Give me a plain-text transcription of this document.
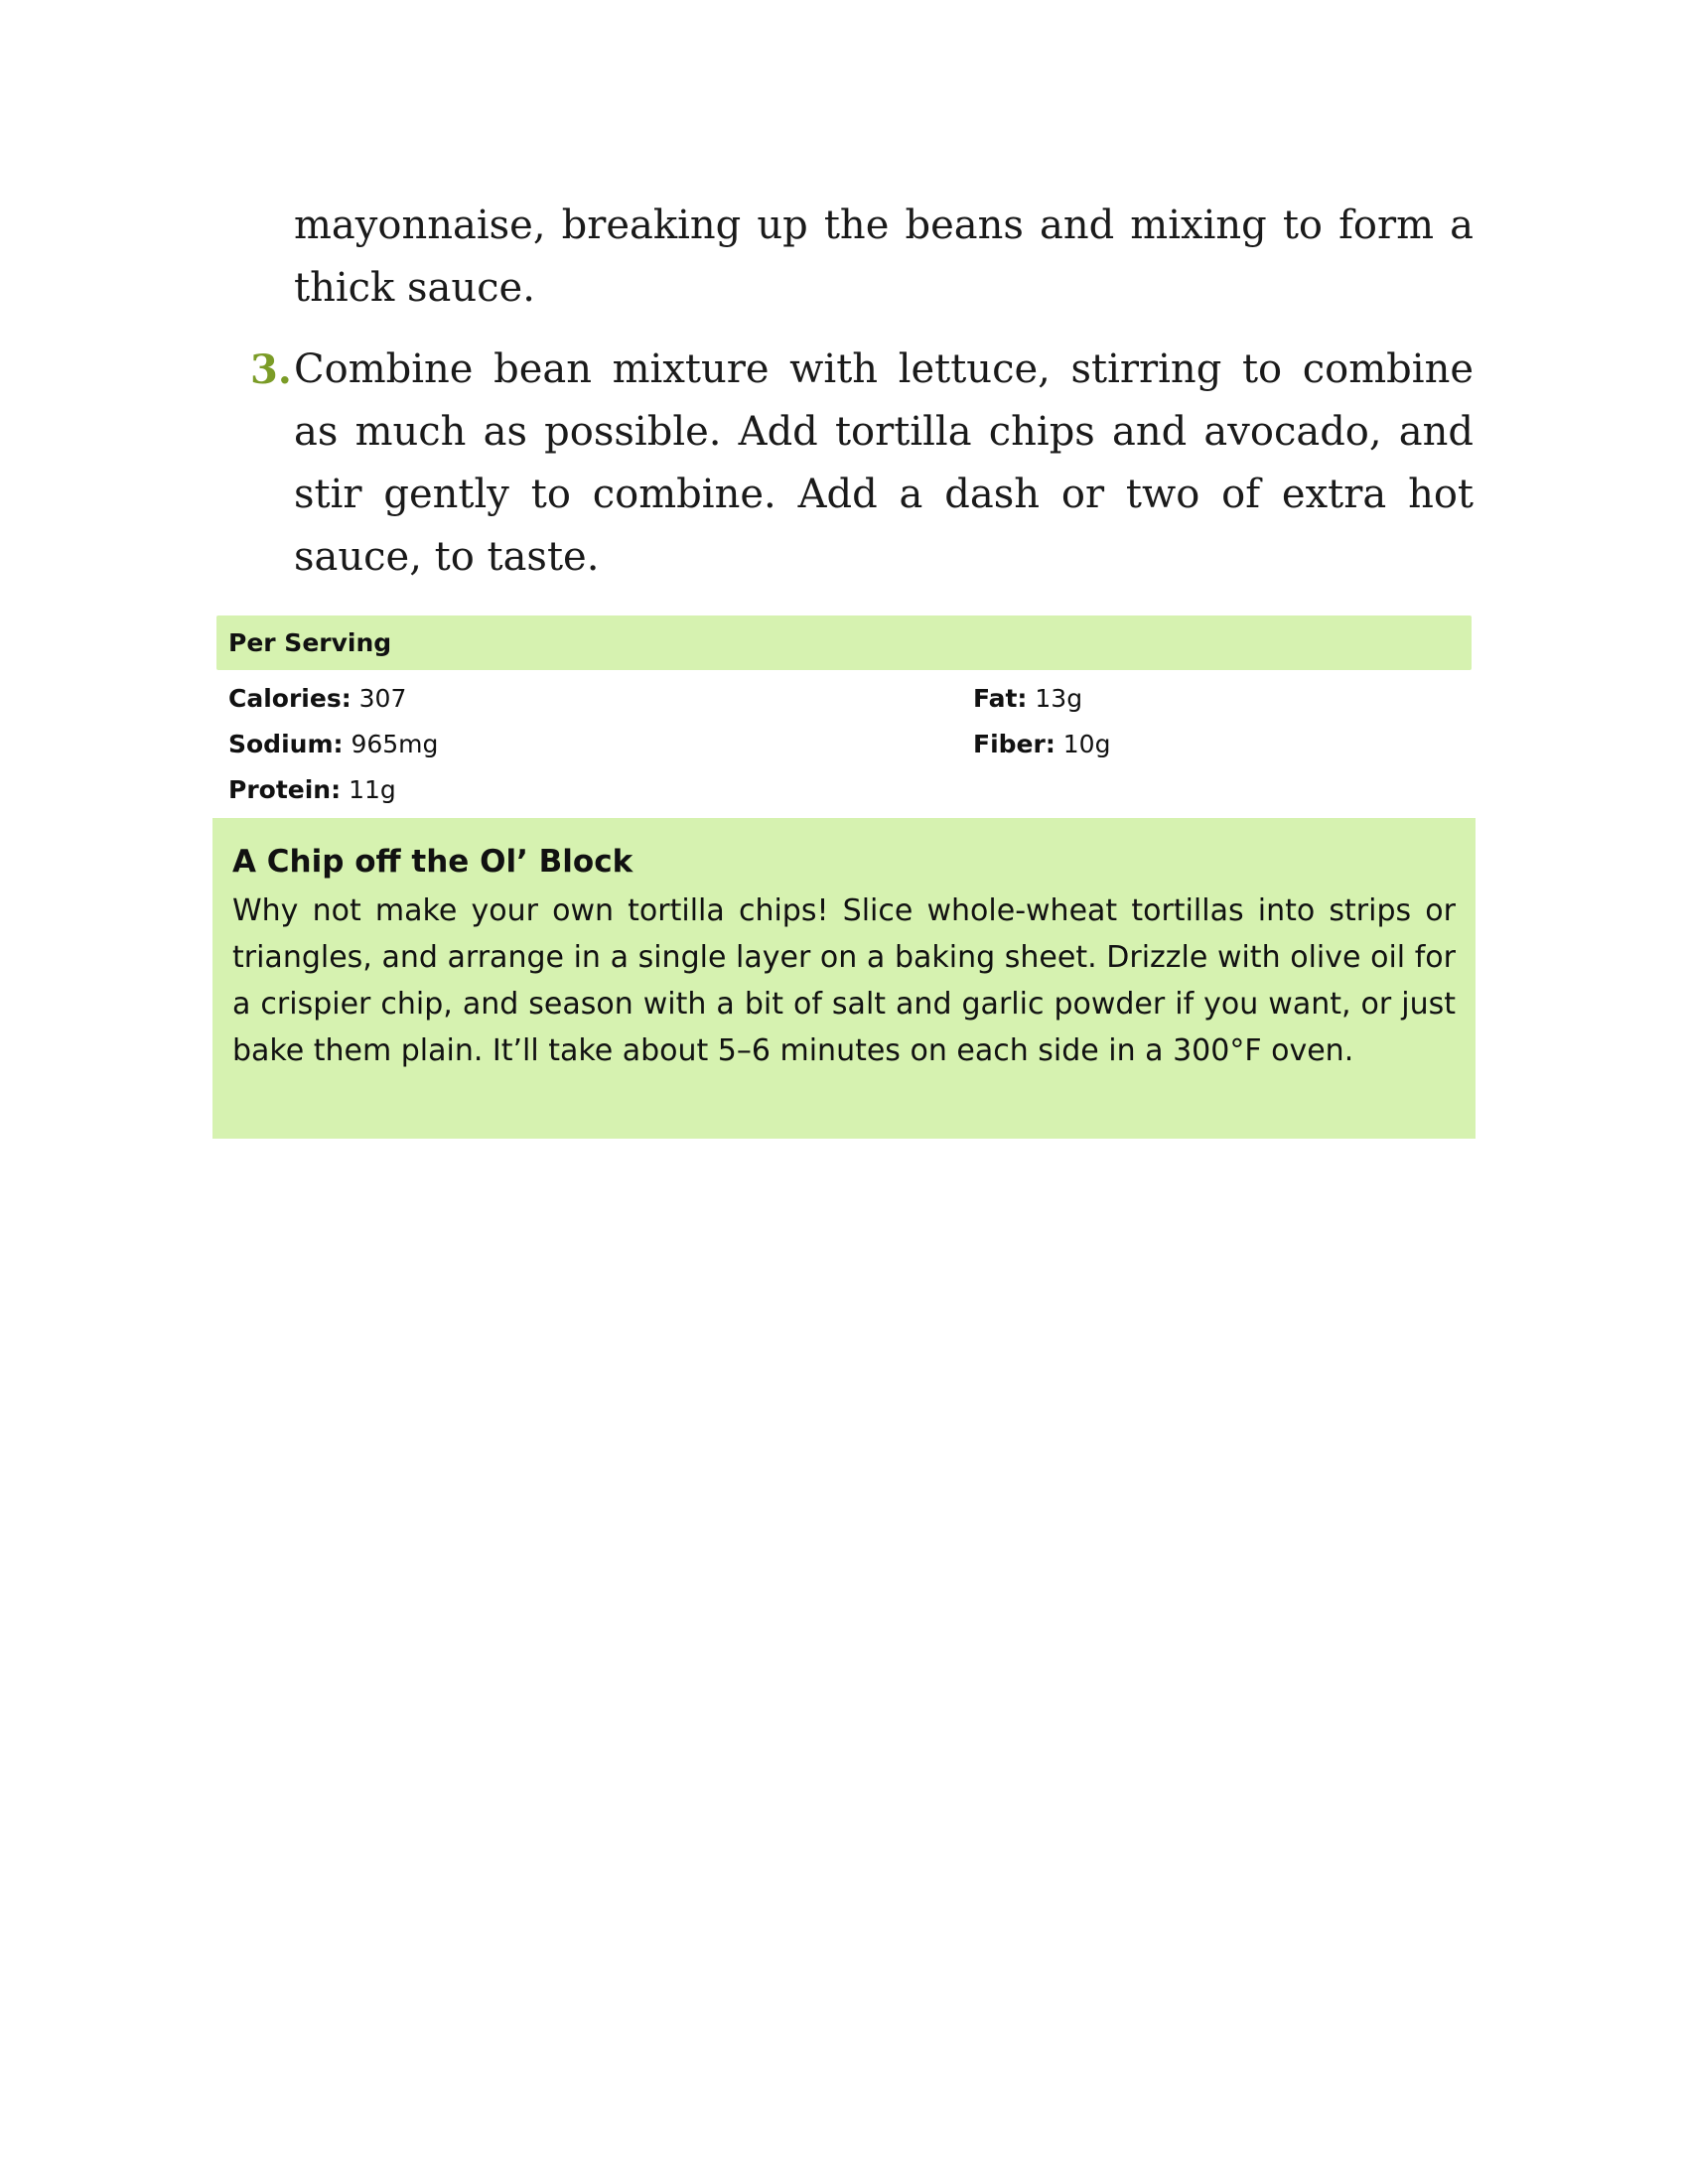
mayonnaise, breaking up the beans and mixing to form a thick sauce.
3. Combine bean mixture with lettuce, stirring to combine as much as possible. Add tortilla chips and avocado, and stir gently to combine. Add a dash or two of extra hot sauce, to taste.
Per Serving
Calories: 307	Fat: 13g
Sodium: 965mg	Fiber: 10g
Protein: 11g
A Chip off the Ol’ Block
Why not make your own tortilla chips! Slice whole-wheat tortillas into strips or triangles, and arrange in a single layer on a baking sheet. Drizzle with olive oil for a crispier chip, and season with a bit of salt and garlic powder if you want, or just bake them plain. It’ll take about 5–6 minutes on each side in a 300°F oven.
